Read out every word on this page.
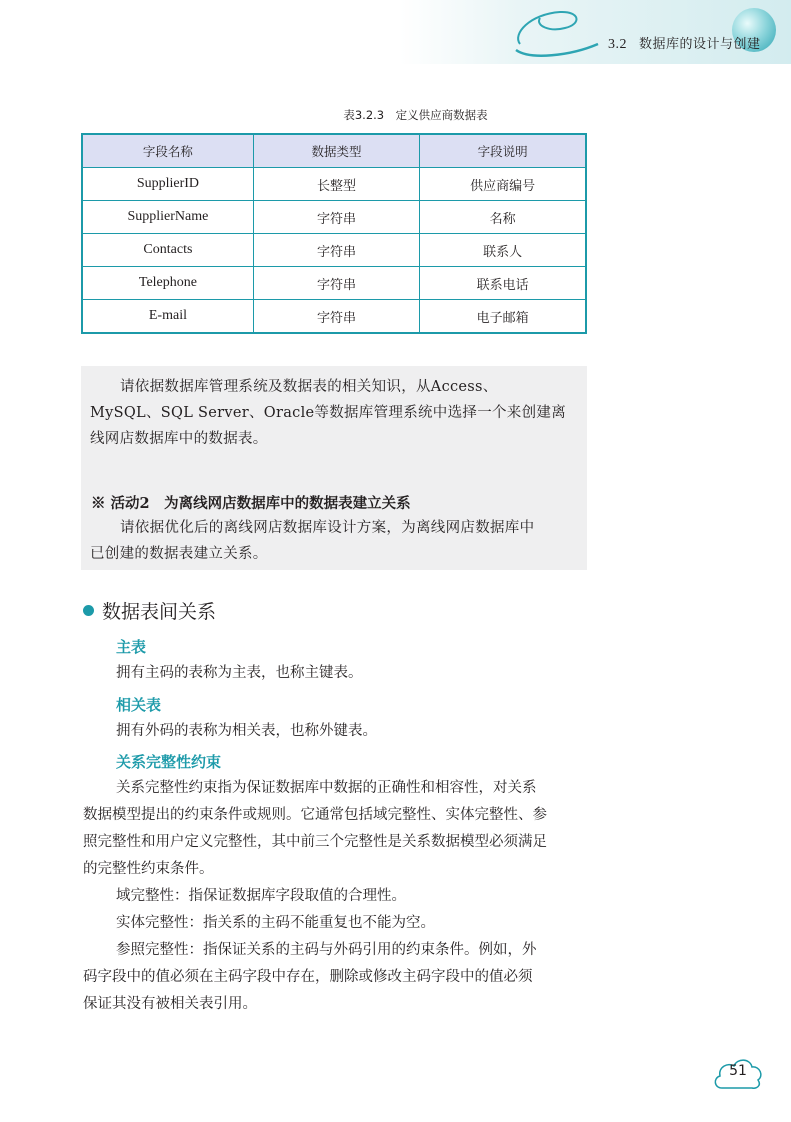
3.2 数据库的设计与创建
表3.2.3　定义供应商数据表
字段名称	数据类型	字段说明
SupplierID	长整型	供应商编号
SupplierName	字符串	名称
Contacts	字符串	联系人
Telephone	字符串	联系电话
E-mail	字符串	电子邮箱
请依据数据库管理系统及数据表的相关知识，从Access、
MySQL、SQL Server、Oracle等数据库管理系统中选择一个来创建离
线网店数据库中的数据表。
※ 活动2　为离线网店数据库中的数据表建立关系
请依据优化后的离线网店数据库设计方案，为离线网店数据库中
已创建的数据表建立关系。
数据表间关系
主表
拥有主码的表称为主表，也称主键表。
相关表
拥有外码的表称为相关表，也称外键表。
关系完整性约束
关系完整性约束指为保证数据库中数据的正确性和相容性，对关系
数据模型提出的约束条件或规则。它通常包括域完整性、实体完整性、参
照完整性和用户定义完整性，其中前三个完整性是关系数据模型必须满足
的完整性约束条件。
域完整性：指保证数据库字段取值的合理性。
实体完整性：指关系的主码不能重复也不能为空。
参照完整性：指保证关系的主码与外码引用的约束条件。例如，外
码字段中的值必须在主码字段中存在，删除或修改主码字段中的值必须
保证其没有被相关表引用。
51
